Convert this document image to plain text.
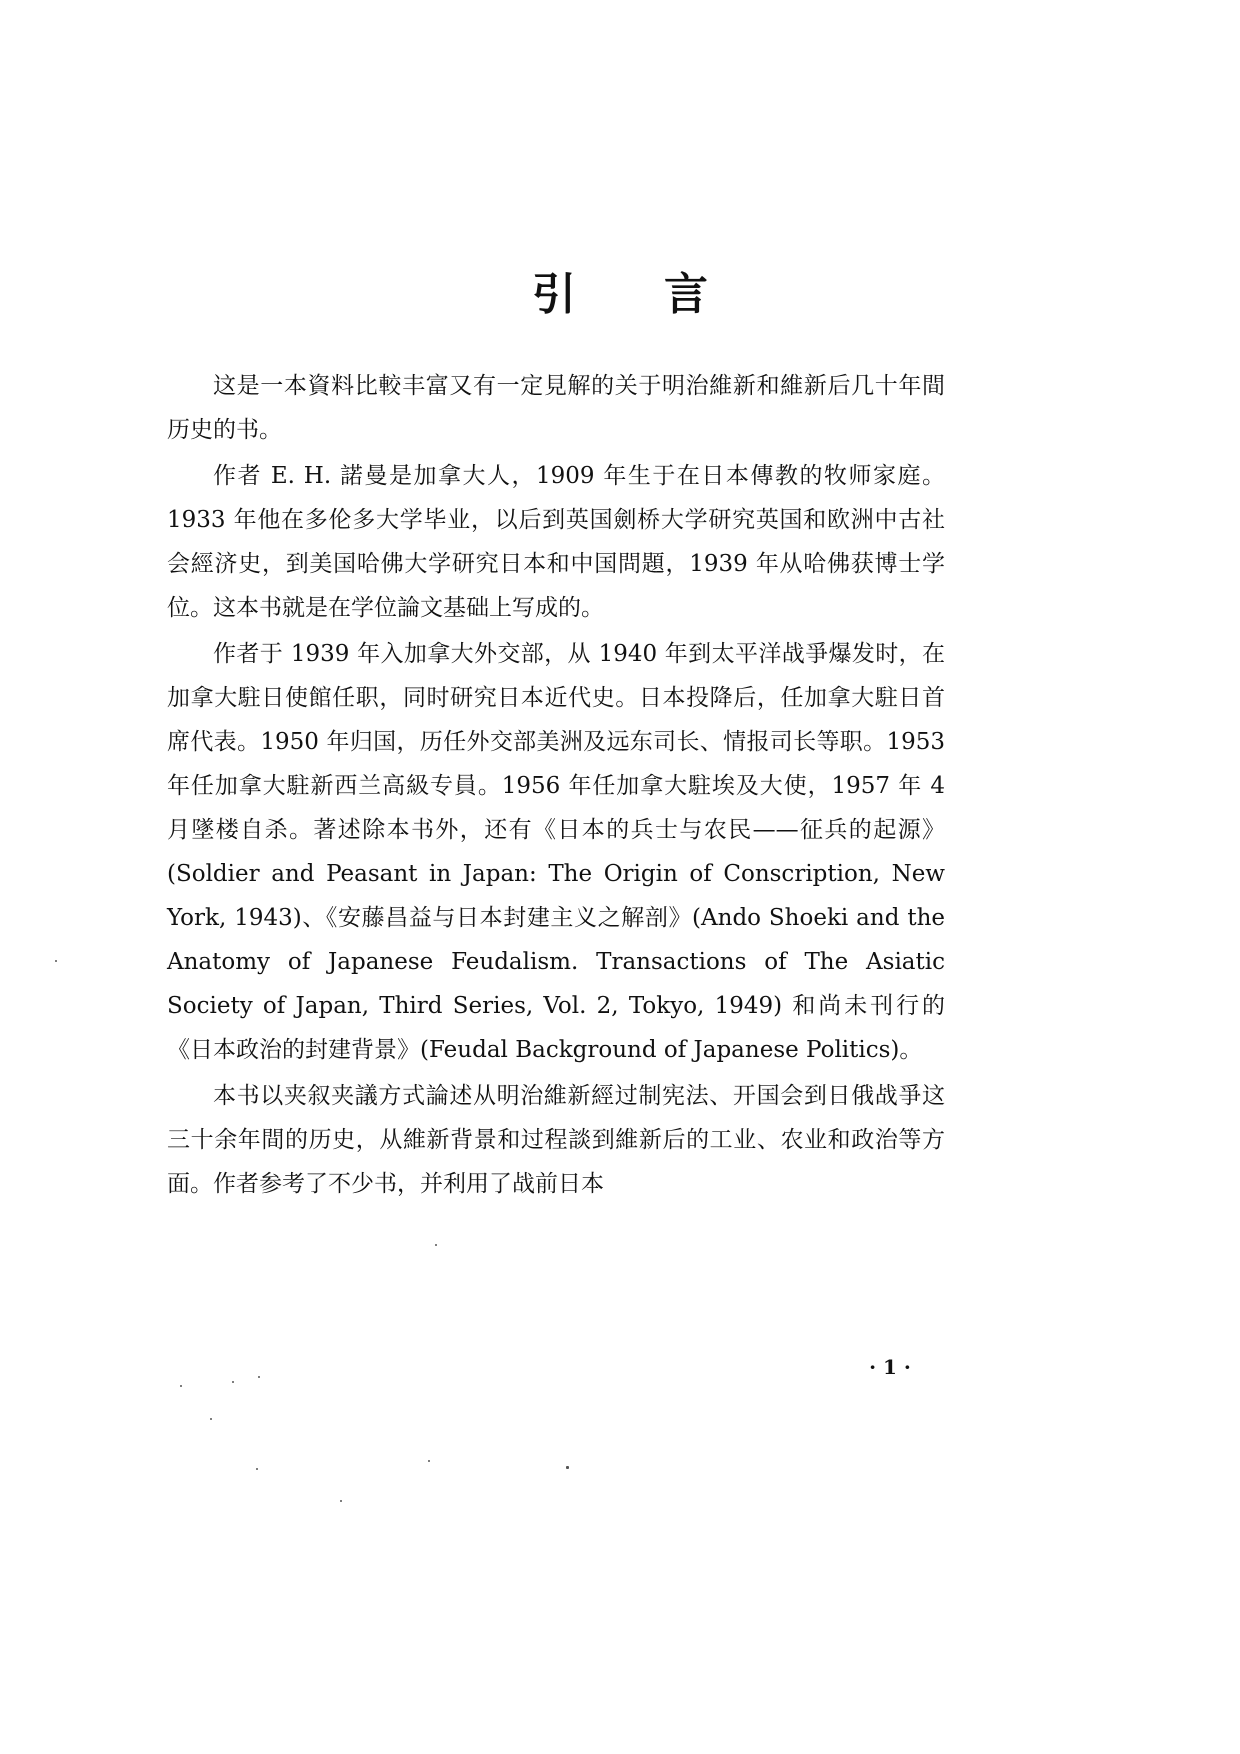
引 言

这是一本資料比較丰富又有一定見解的关于明治維新和維新后几十年間历史的书。

作者 E. H. 諾曼是加拿大人，1909 年生于在日本傳教的牧师家庭。1933 年他在多伦多大学毕业，以后到英国劍桥大学研究英国和欧洲中古社会經济史，到美国哈佛大学研究日本和中国問題，1939 年从哈佛获博士学位。这本书就是在学位論文基础上写成的。

作者于 1939 年入加拿大外交部，从 1940 年到太平洋战爭爆发时，在加拿大駐日使館任职，同时研究日本近代史。日本投降后，任加拿大駐日首席代表。1950 年归国，历任外交部美洲及远东司长、情报司长等职。1953 年任加拿大駐新西兰高級专員。1956 年任加拿大駐埃及大使，1957 年 4 月墜楼自杀。著述除本书外，还有《日本的兵士与农民——征兵的起源》(Soldier and Peasant in Japan: The Origin of Conscription, New York, 1943)、《安藤昌益与日本封建主义之解剖》(Ando Shoeki and the Anatomy of Japanese Feudalism. Transactions of The Asiatic Society of Japan, Third Series, Vol. 2, Tokyo, 1949) 和尚未刊行的《日本政治的封建背景》(Feudal Background of Japanese Politics)。

本书以夹叙夹議方式論述从明治維新經过制宪法、开国会到日俄战爭这三十余年間的历史，从維新背景和过程談到維新后的工业、农业和政治等方面。作者参考了不少书，并利用了战前日本

· 1 ·
